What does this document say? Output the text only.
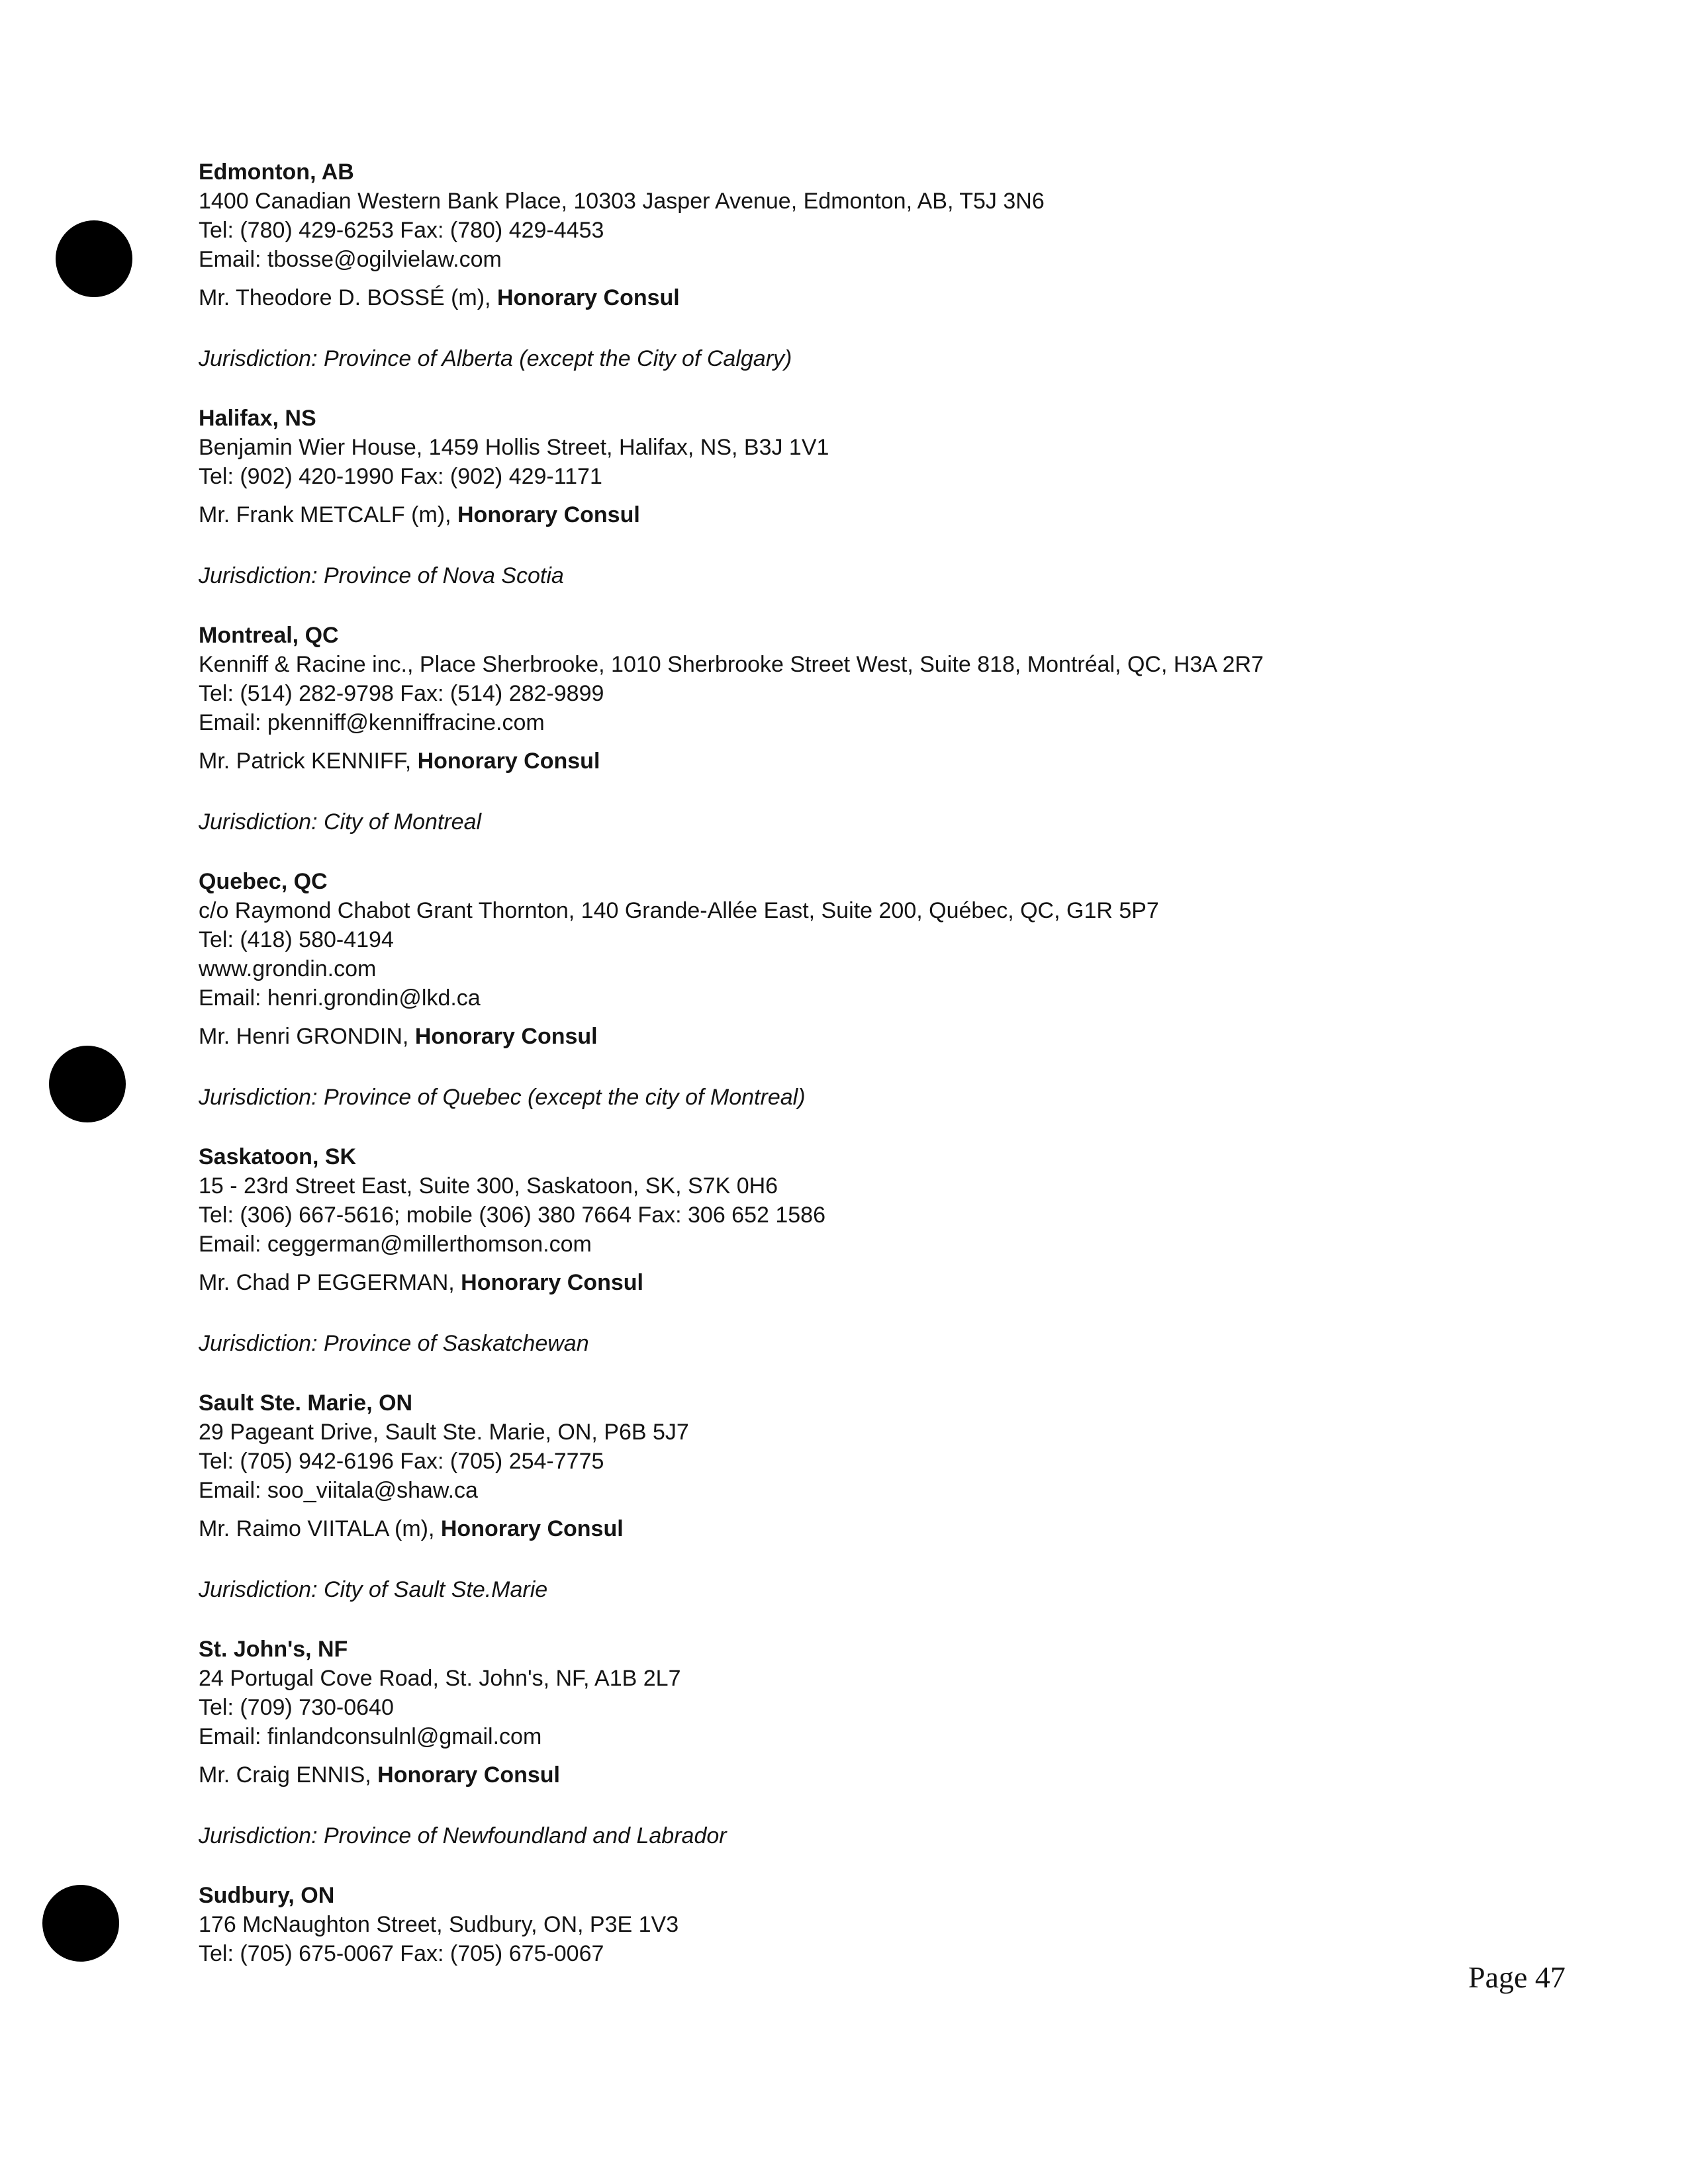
Edmonton, AB

1400 Canadian Western Bank Place, 10303 Jasper Avenue, Edmonton, AB, T5J 3N6

Tel: (780) 429-6253 Fax: (780) 429-4453

Email: tbosse@ogilvielaw.com

Mr. Theodore D. BOSSÉ (m), Honorary Consul

Jurisdiction: Province of Alberta (except the City of Calgary)

Halifax, NS

Benjamin Wier House, 1459 Hollis Street, Halifax, NS, B3J 1V1

Tel: (902) 420-1990 Fax: (902) 429-1171

Mr. Frank METCALF (m), Honorary Consul

Jurisdiction: Province of Nova Scotia

Montreal, QC

Kenniff & Racine inc., Place Sherbrooke, 1010 Sherbrooke Street West, Suite 818, Montréal, QC, H3A 2R7

Tel: (514) 282-9798 Fax: (514) 282-9899

Email: pkenniff@kenniffracine.com

Mr. Patrick KENNIFF, Honorary Consul

Jurisdiction: City of Montreal

Quebec, QC

c/o Raymond Chabot Grant Thornton, 140 Grande-Allée East, Suite 200, Québec, QC, G1R 5P7

Tel: (418) 580-4194

www.grondin.com

Email: henri.grondin@lkd.ca

Mr. Henri GRONDIN, Honorary Consul

Jurisdiction: Province of Quebec (except the city of Montreal)

Saskatoon, SK

15 - 23rd Street East, Suite 300, Saskatoon, SK, S7K 0H6

Tel: (306) 667-5616; mobile (306) 380 7664 Fax: 306 652 1586

Email: ceggerman@millerthomson.com

Mr. Chad P EGGERMAN, Honorary Consul

Jurisdiction: Province of Saskatchewan

Sault Ste. Marie, ON

29 Pageant Drive, Sault Ste. Marie, ON, P6B 5J7

Tel: (705) 942-6196 Fax: (705) 254-7775

Email: soo_viitala@shaw.ca

Mr. Raimo VIITALA (m), Honorary Consul

Jurisdiction: City of Sault Ste.Marie

St. John's, NF

24 Portugal Cove Road, St. John's, NF, A1B 2L7

Tel: (709) 730-0640

Email: finlandconsulnl@gmail.com

Mr. Craig ENNIS, Honorary Consul

Jurisdiction: Province of Newfoundland and Labrador

Sudbury, ON

176 McNaughton Street, Sudbury, ON, P3E 1V3

Tel: (705) 675-0067 Fax: (705) 675-0067

Page 47
